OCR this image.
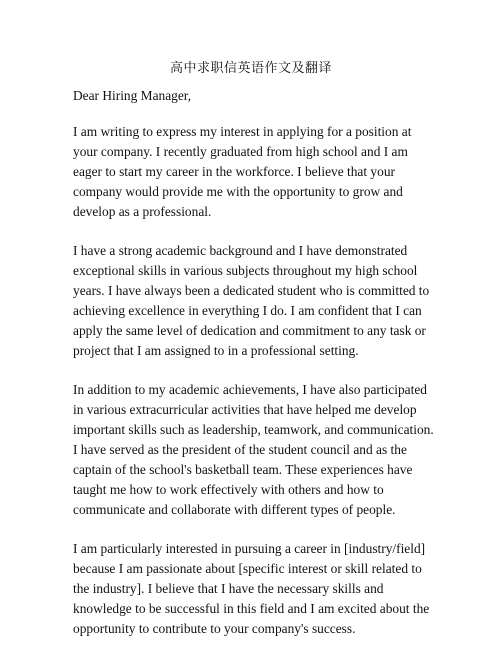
高中求职信英语作文及翻译
Dear Hiring Manager,
I am writing to express my interest in applying for a position at
your company. I recently graduated from high school and I am
eager to start my career in the workforce. I believe that your
company would provide me with the opportunity to grow and
develop as a professional.
I have a strong academic background and I have demonstrated
exceptional skills in various subjects throughout my high school
years. I have always been a dedicated student who is committed to
achieving excellence in everything I do. I am confident that I can
apply the same level of dedication and commitment to any task or
project that I am assigned to in a professional setting.
In addition to my academic achievements, I have also participated
in various extracurricular activities that have helped me develop
important skills such as leadership, teamwork, and communication.
I have served as the president of the student council and as the
captain of the school's basketball team. These experiences have
taught me how to work effectively with others and how to
communicate and collaborate with different types of people.
I am particularly interested in pursuing a career in [industry/field]
because I am passionate about [specific interest or skill related to
the industry]. I believe that I have the necessary skills and
knowledge to be successful in this field and I am excited about the
opportunity to contribute to your company's success.
